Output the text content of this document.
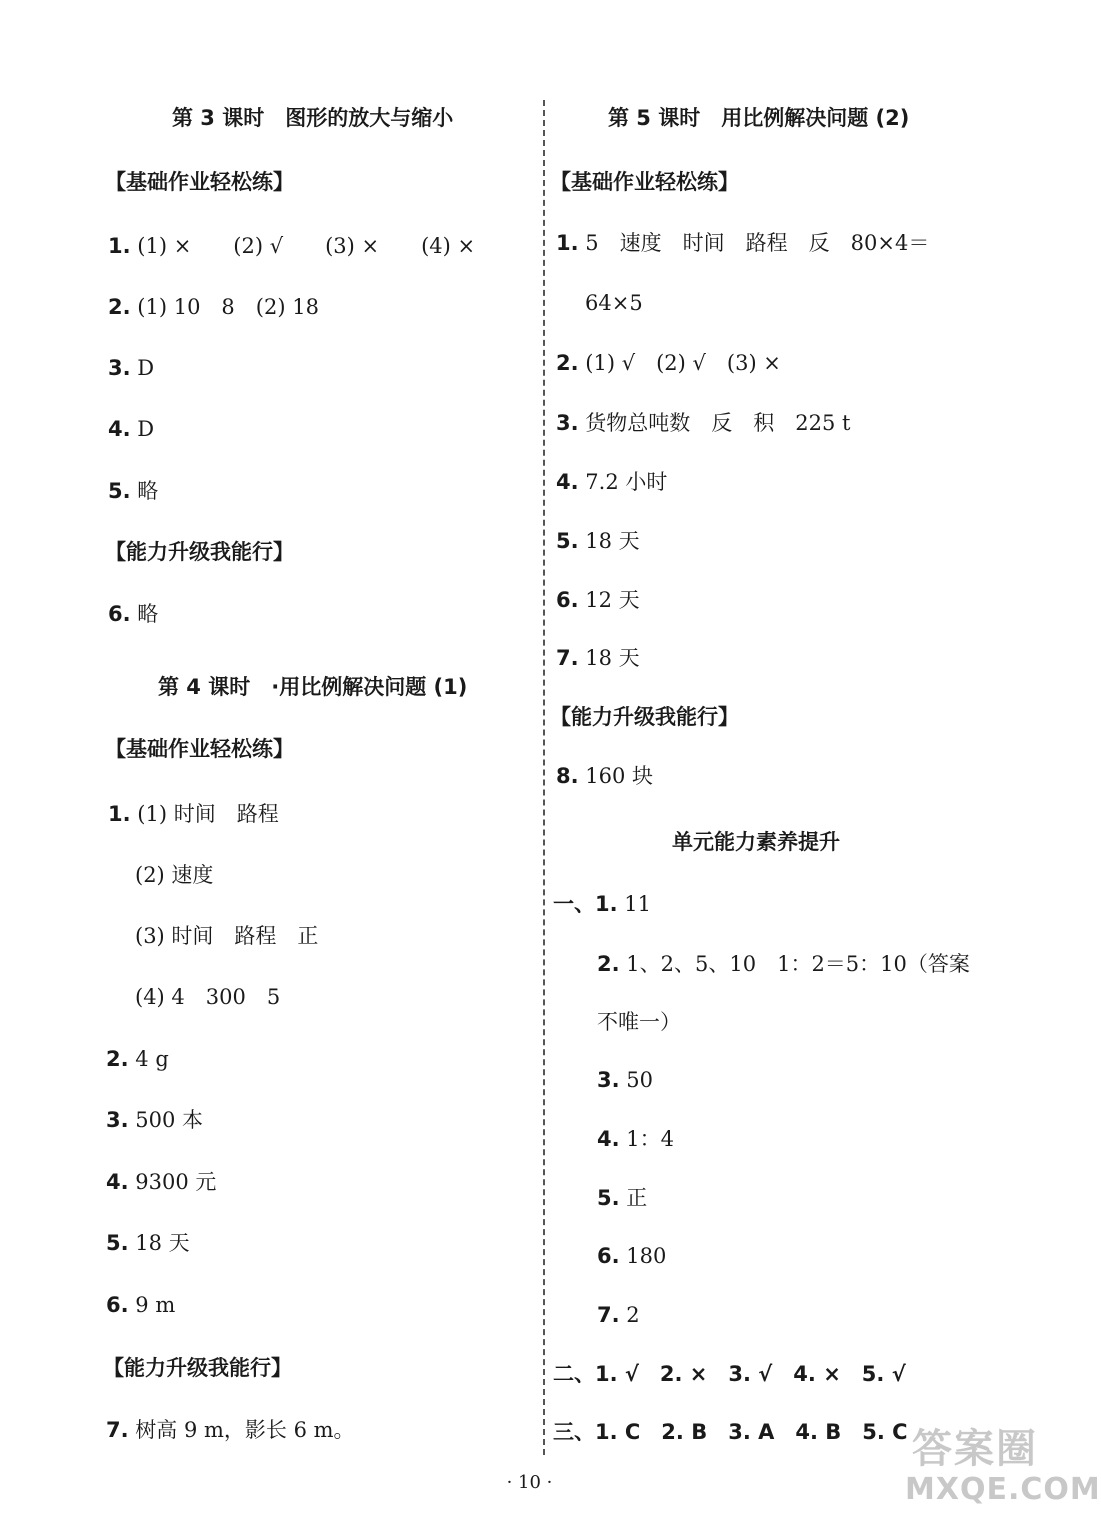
第 3 课时　图形的放大与缩小
【基础作业轻松练】
1. (1) ×　　(2) √　　(3) ×　　(4) ×
2. (1) 10　8　(2) 18
3. D
4. D
5. 略
【能力升级我能行】
6. 略
第 4 课时　·用比例解决问题 (1)
【基础作业轻松练】
1. (1) 时间　路程
(2) 速度
(3) 时间　路程　正
(4) 4　300　5
2. 4 g
3. 500 本
4. 9300 元
5. 18 天
6. 9 m
【能力升级我能行】
7. 树高 9 m，影长 6 m。
第 5 课时　用比例解决问题 (2)
【基础作业轻松练】
1. 5　速度　时间　路程　反　80×4＝
64×5
2. (1) √　(2) √　(3) ×
3. 货物总吨数　反　积　225 t
4. 7.2 小时
5. 18 天
6. 12 天
7. 18 天
【能力升级我能行】
8. 160 块
单元能力素养提升
一、1. 11
2. 1、2、5、10　1：2＝5：10（答案
不唯一）
3. 50
4. 1：4
5. 正
6. 180
7. 2
二、1. √　2. ×　3. √　4. ×　5. √
三、1. C　2. B　3. A　4. B　5. C
· 10 ·
答案圈
MXQE.COM
